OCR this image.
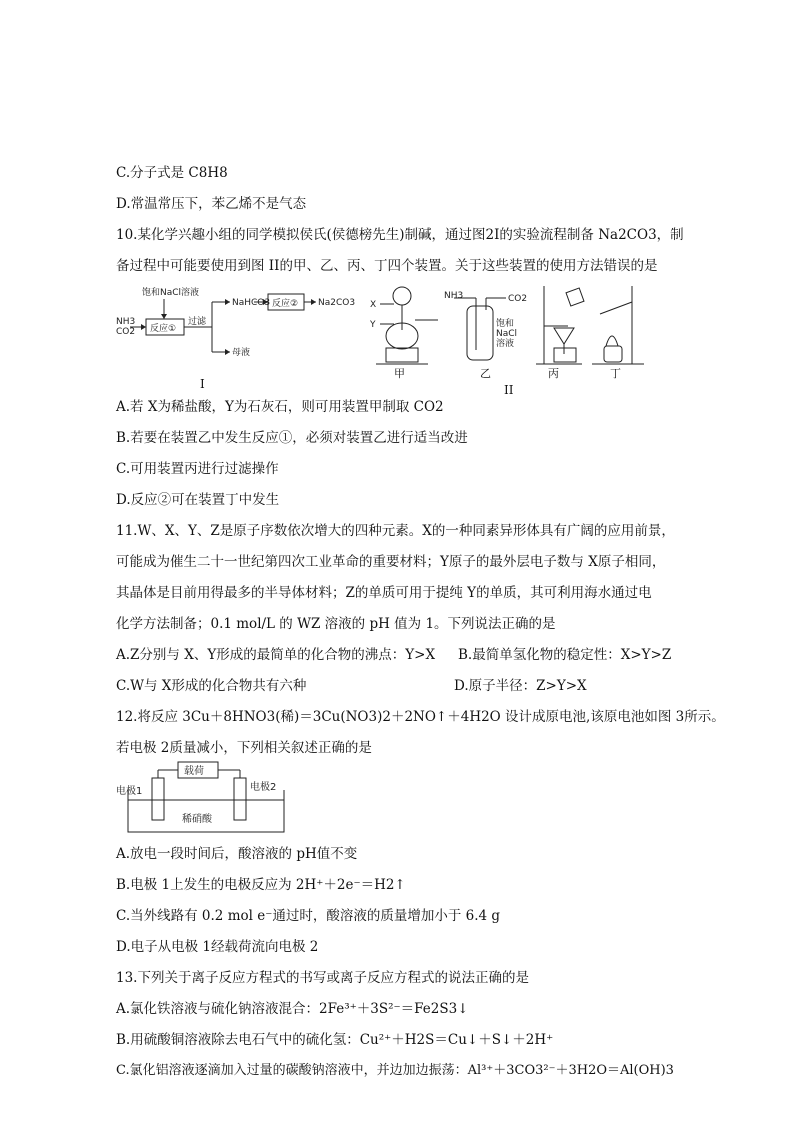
C.分子式是 C8H8
D.常温常压下，苯乙烯不是气态
10.某化学兴趣小组的同学模拟侯氏(侯德榜先生)制碱，通过图2I的实验流程制备 Na2CO3，制
备过程中可能要使用到图 II的甲、乙、丙、丁四个装置。关于这些装置的使用方法错误的是
饱和NaCl溶液
NH3 CO2 反应①
过滤
NaHCO3 反应② Na2CO3
母液
X
Y
NH3	CO2
饱和
NaCl
溶液
I
甲	乙	丙	丁
II
A.若 X为稀盐酸，Y为石灰石，则可用装置甲制取 CO2
B.若要在装置乙中发生反应①，必须对装置乙进行适当改进
C.可用装置丙进行过滤操作
D.反应②可在装置丁中发生
11.W、X、Y、Z是原子序数依次增大的四种元素。X的一种同素异形体具有广阔的应用前景，
可能成为催生二十一世纪第四次工业革命的重要材料；Y原子的最外层电子数与 X原子相同，
其晶体是目前用得最多的半导体材料；Z的单质可用于提纯 Y的单质，其可利用海水通过电
化学方法制备；0.1 mol/L 的 WZ 溶液的 pH 值为 1。下列说法正确的是
A.Z分别与 X、Y形成的最简单的化合物的沸点：Y>X B.最简单氢化物的稳定性：X>Y>Z
C.W与 X形成的化合物共有六种	D.原子半径：Z>Y>X
12.将反应 3Cu＋8HNO3(稀)＝3Cu(NO3)2＋2NO↑＋4H2O 设计成原电池,该原电池如图 3所示。
若电极 2质量减小，下列相关叙述正确的是
载荷
电极1	电极2
稀硝酸
A.放电一段时间后，酸溶液的 pH值不变
B.电极 1上发生的电极反应为 2H⁺＋2e⁻＝H2↑
C.当外线路有 0.2 mol e⁻通过时，酸溶液的质量增加小于 6.4 g
D.电子从电极 1经载荷流向电极 2
13.下列关于离子反应方程式的书写或离子反应方程式的说法正确的是
A.氯化铁溶液与硫化钠溶液混合：2Fe³⁺＋3S²⁻＝Fe2S3↓
B.用硫酸铜溶液除去电石气中的硫化氢：Cu²⁺＋H2S＝Cu↓＋S↓＋2H⁺
C.氯化铝溶液逐滴加入过量的碳酸钠溶液中，并边加边振荡：Al³⁺＋3CO3²⁻＋3H2O＝Al(OH)3
